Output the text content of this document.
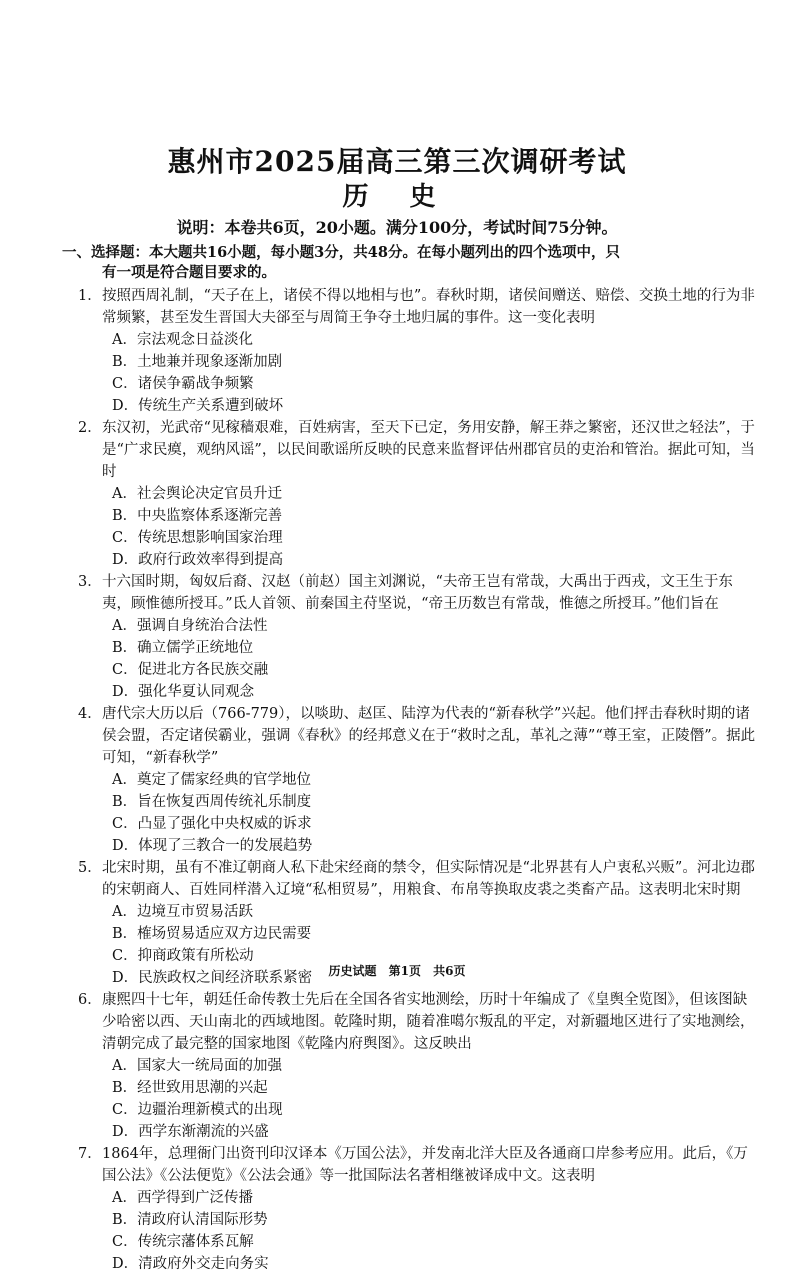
惠州市2025届高三第三次调研考试
历 史
说明：本卷共6页，20小题。满分100分，考试时间75分钟。
一、选择题：本大题共16小题，每小题3分，共48分。在每小题列出的四个选项中，只
有一项是符合题目要求的。
1． 按照西周礼制，“天子在上，诸侯不得以地相与也”。春秋时期，诸侯间赠送、赔偿、交换土地的行为非常频繁，甚至发生晋国大夫郤至与周简王争夺土地归属的事件。这一变化表明
A．宗法观念日益淡化
B．土地兼并现象逐渐加剧
C．诸侯争霸战争频繁
D．传统生产关系遭到破坏
2． 东汉初，光武帝“见稼穑艰难，百姓病害，至天下已定，务用安静，解王莽之繁密，还汉世之轻法”，于是“广求民瘼，观纳风谣”，以民间歌谣所反映的民意来监督评估州郡官员的吏治和管治。据此可知，当时
A．社会舆论决定官员升迁
B．中央监察体系逐渐完善
C．传统思想影响国家治理
D．政府行政效率得到提高
3． 十六国时期，匈奴后裔、汉赵（前赵）国主刘渊说，“夫帝王岂有常哉，大禹出于西戎，文王生于东夷，顾惟德所授耳。”氐人首领、前秦国主苻坚说，“帝王历数岂有常哉，惟德之所授耳。”他们旨在
A．强调自身统治合法性
B．确立儒学正统地位
C．促进北方各民族交融
D．强化华夏认同观念
4． 唐代宗大历以后（766-779），以啖助、赵匡、陆淳为代表的“新春秋学”兴起。他们抨击春秋时期的诸侯会盟，否定诸侯霸业，强调《春秋》的经邦意义在于“救时之乱，革礼之薄”“尊王室，正陵僭”。据此可知，“新春秋学”
A．奠定了儒家经典的官学地位
B．旨在恢复西周传统礼乐制度
C．凸显了强化中央权威的诉求
D．体现了三教合一的发展趋势
5． 北宋时期，虽有不准辽朝商人私下赴宋经商的禁令，但实际情况是“北界甚有人户衷私兴贩”。河北边郡的宋朝商人、百姓同样潜入辽境“私相贸易”，用粮食、布帛等换取皮裘之类畜产品。这表明北宋时期
A．边境互市贸易活跃
B．榷场贸易适应双方边民需要
C．抑商政策有所松动
D．民族政权之间经济联系紧密
6． 康熙四十七年，朝廷任命传教士先后在全国各省实地测绘，历时十年编成了《皇舆全览图》，但该图缺少哈密以西、天山南北的西域地图。乾隆时期，随着准噶尔叛乱的平定，对新疆地区进行了实地测绘，清朝完成了最完整的国家地图《乾隆内府舆图》。这反映出
A．国家大一统局面的加强
B．经世致用思潮的兴起
C．边疆治理新模式的出现
D．西学东渐潮流的兴盛
7． 1864年，总理衙门出资刊印汉译本《万国公法》，并发南北洋大臣及各通商口岸参考应用。此后，《万国公法》《公法便览》《公法会通》等一批国际法名著相继被译成中文。这表明
A．西学得到广泛传播
B．清政府认清国际形势
C．传统宗藩体系瓦解
D．清政府外交走向务实
历史试题 第1页 共6页
